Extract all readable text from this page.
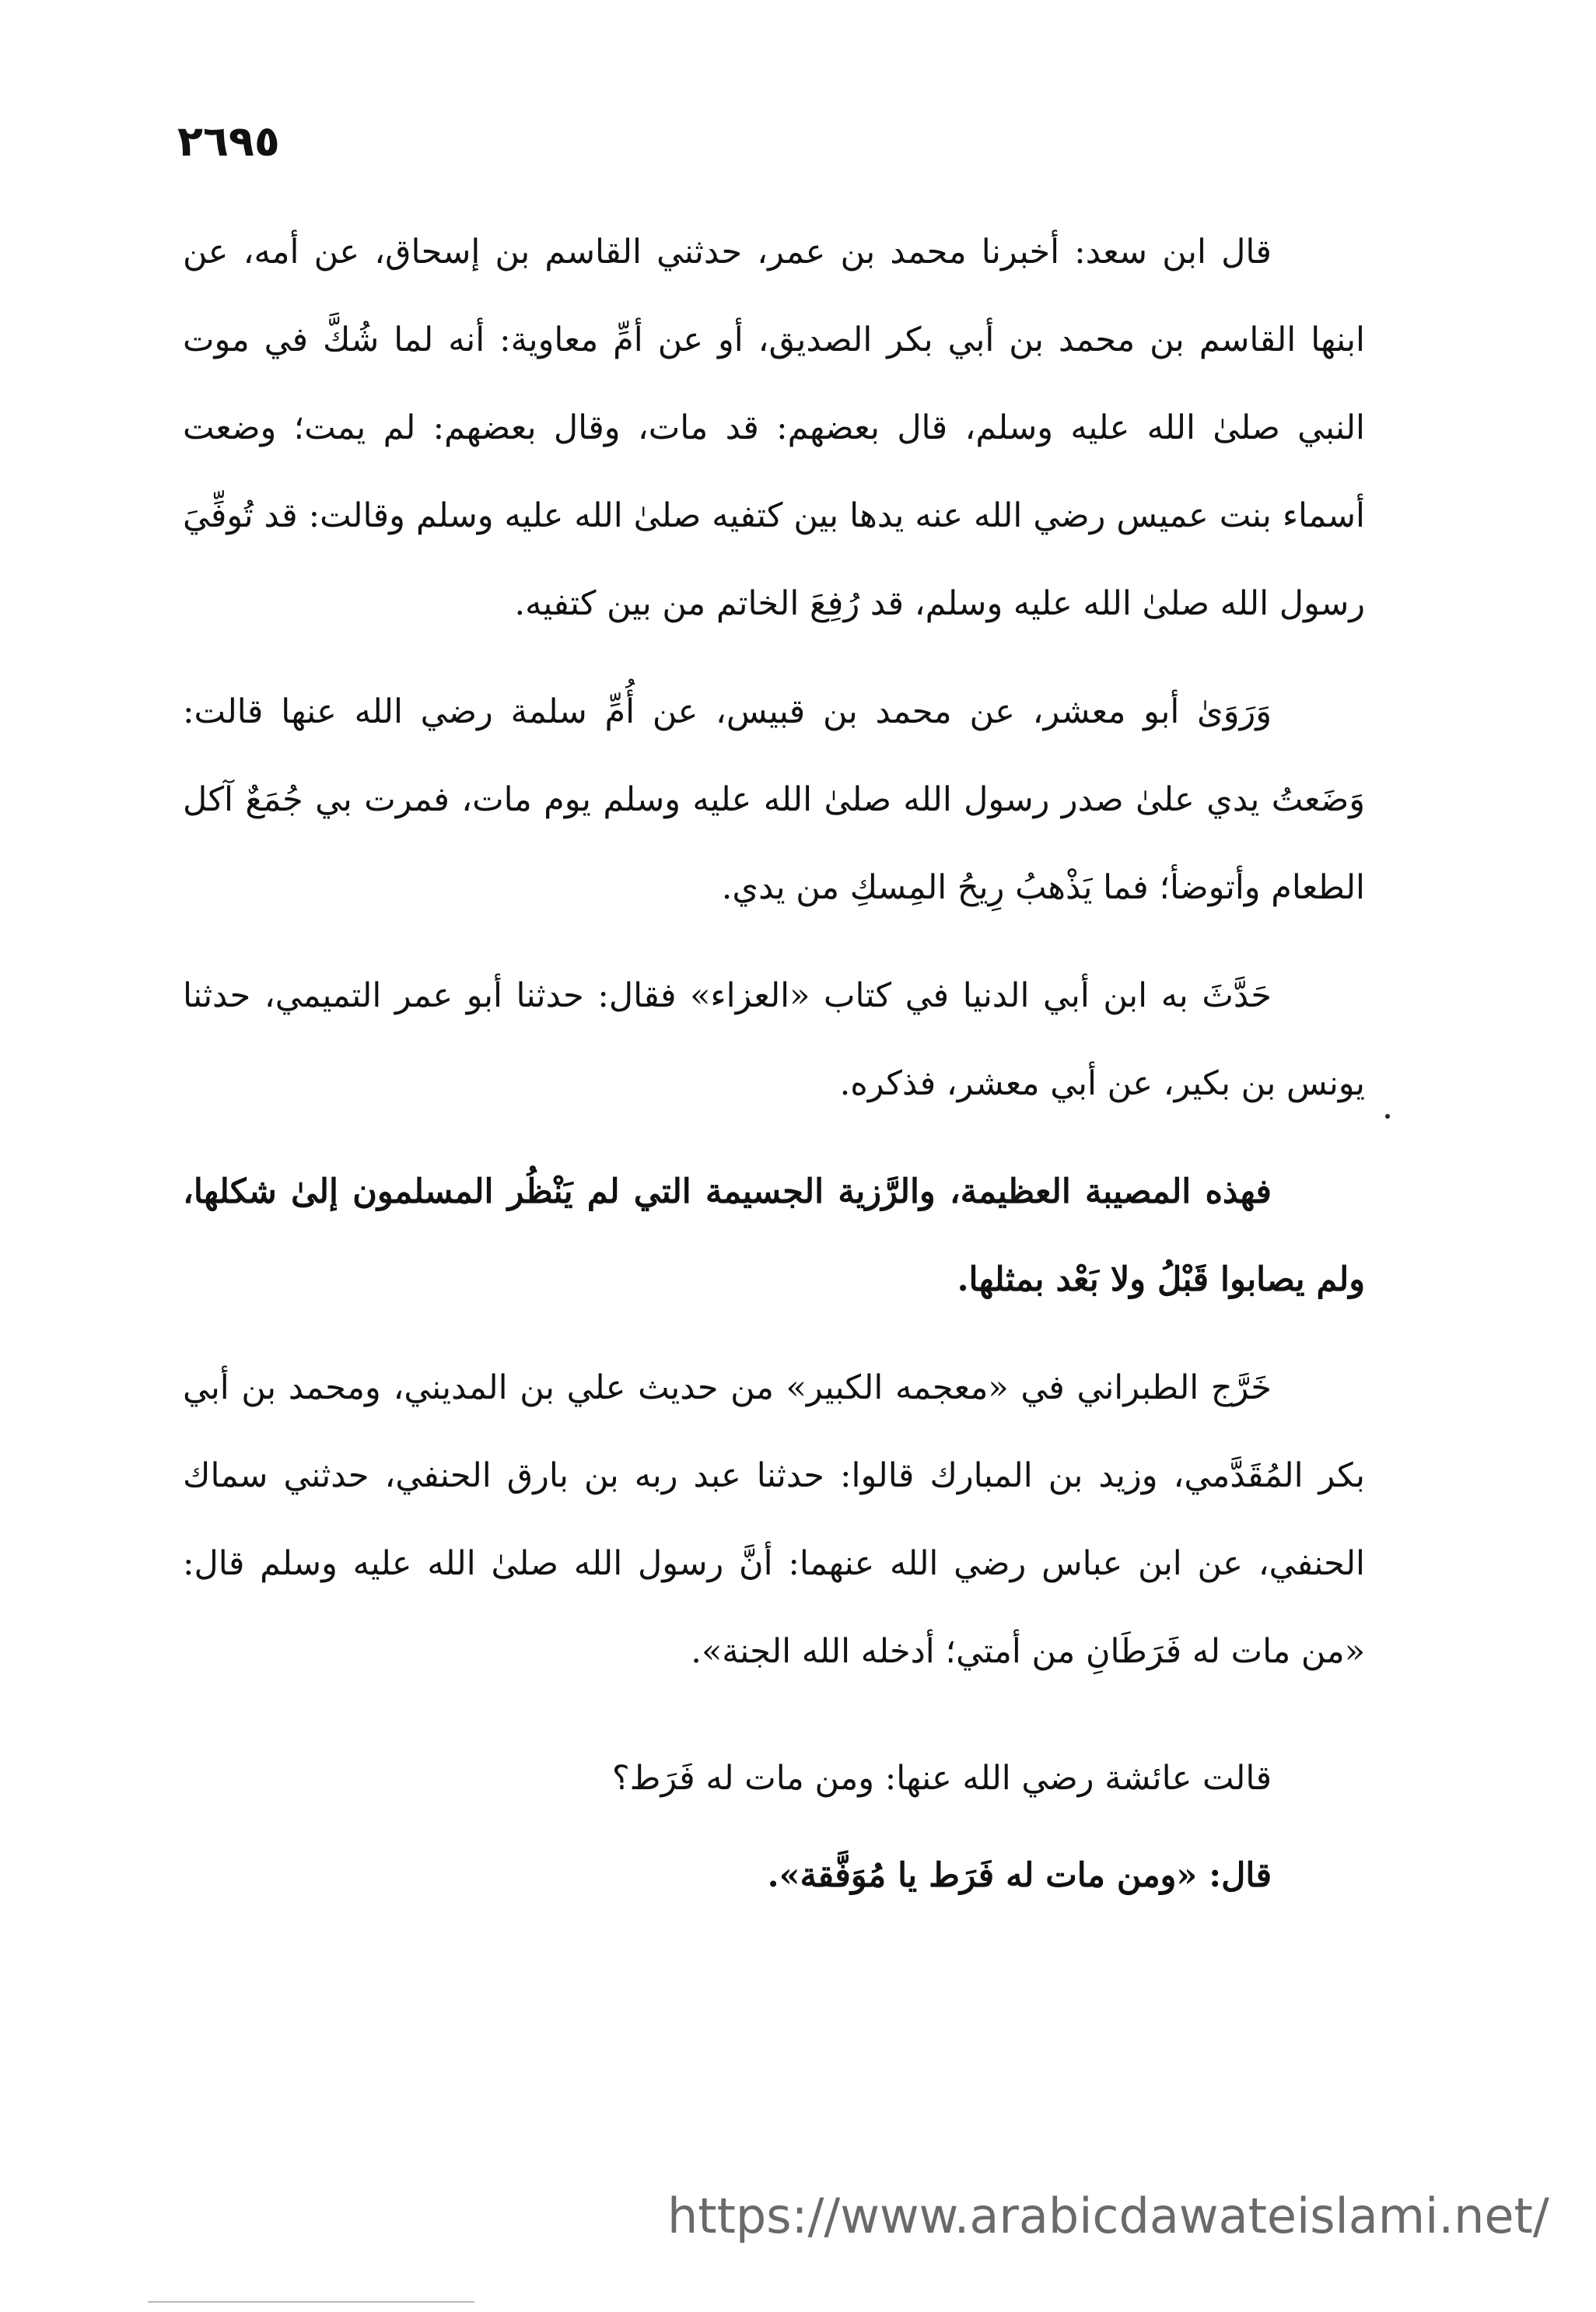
٢٦٩٥

قال ابن سعد: أخبرنا محمد بن عمر، حدثني القاسم بن إسحاق، عن أمه، عن ابنها القاسم بن محمد بن أبي بكر الصديق، أو عن أمِّ معاوية: أنه لما شُكَّ في موت النبي صلىٰ الله عليه وسلم، قال بعضهم: قد مات، وقال بعضهم: لم يمت؛ وضعت أسماء بنت عميس رضي الله عنه يدها بين كتفيه صلىٰ الله عليه وسلم وقالت: قد تُوفِّيَ رسول الله صلىٰ الله عليه وسلم، قد رُفِعَ الخاتم من بين كتفيه.

وَرَوَىٰ أبو معشر، عن محمد بن قبيس، عن أُمِّ سلمة رضي الله عنها قالت: وَضَعتُ يدي علىٰ صدر رسول الله صلىٰ الله عليه وسلم يوم مات، فمرت بي جُمَعٌ آكل الطعام وأتوضأ؛ فما يَذْهبُ رِيحُ المِسكِ من يدي.

حَدَّثَ به ابن أبي الدنيا في كتاب «العزاء» فقال: حدثنا أبو عمر التميمي، حدثنا يونس بن بكير، عن أبي معشر، فذكره.

فهذه المصيبة العظيمة، والرَّزية الجسيمة التي لم يَنْظُر المسلمون إلىٰ شكلها، ولم يصابوا قَبْلُ ولا بَعْد بمثلها.

خَرَّج الطبراني في «معجمه الكبير» من حديث علي بن المديني، ومحمد بن أبي بكر المُقَدَّمي، وزيد بن المبارك قالوا: حدثنا عبد ربه بن بارق الحنفي، حدثني سماك الحنفي، عن ابن عباس رضي الله عنهما: أنَّ رسول الله صلىٰ الله عليه وسلم قال: «من مات له فَرَطَانِ من أمتي؛ أدخله الله الجنة».

قالت عائشة رضي الله عنها: ومن مات له فَرَط؟

قال: «ومن مات له فَرَط يا مُوَفَّقة».

https://www.arabicdawateislami.net/
